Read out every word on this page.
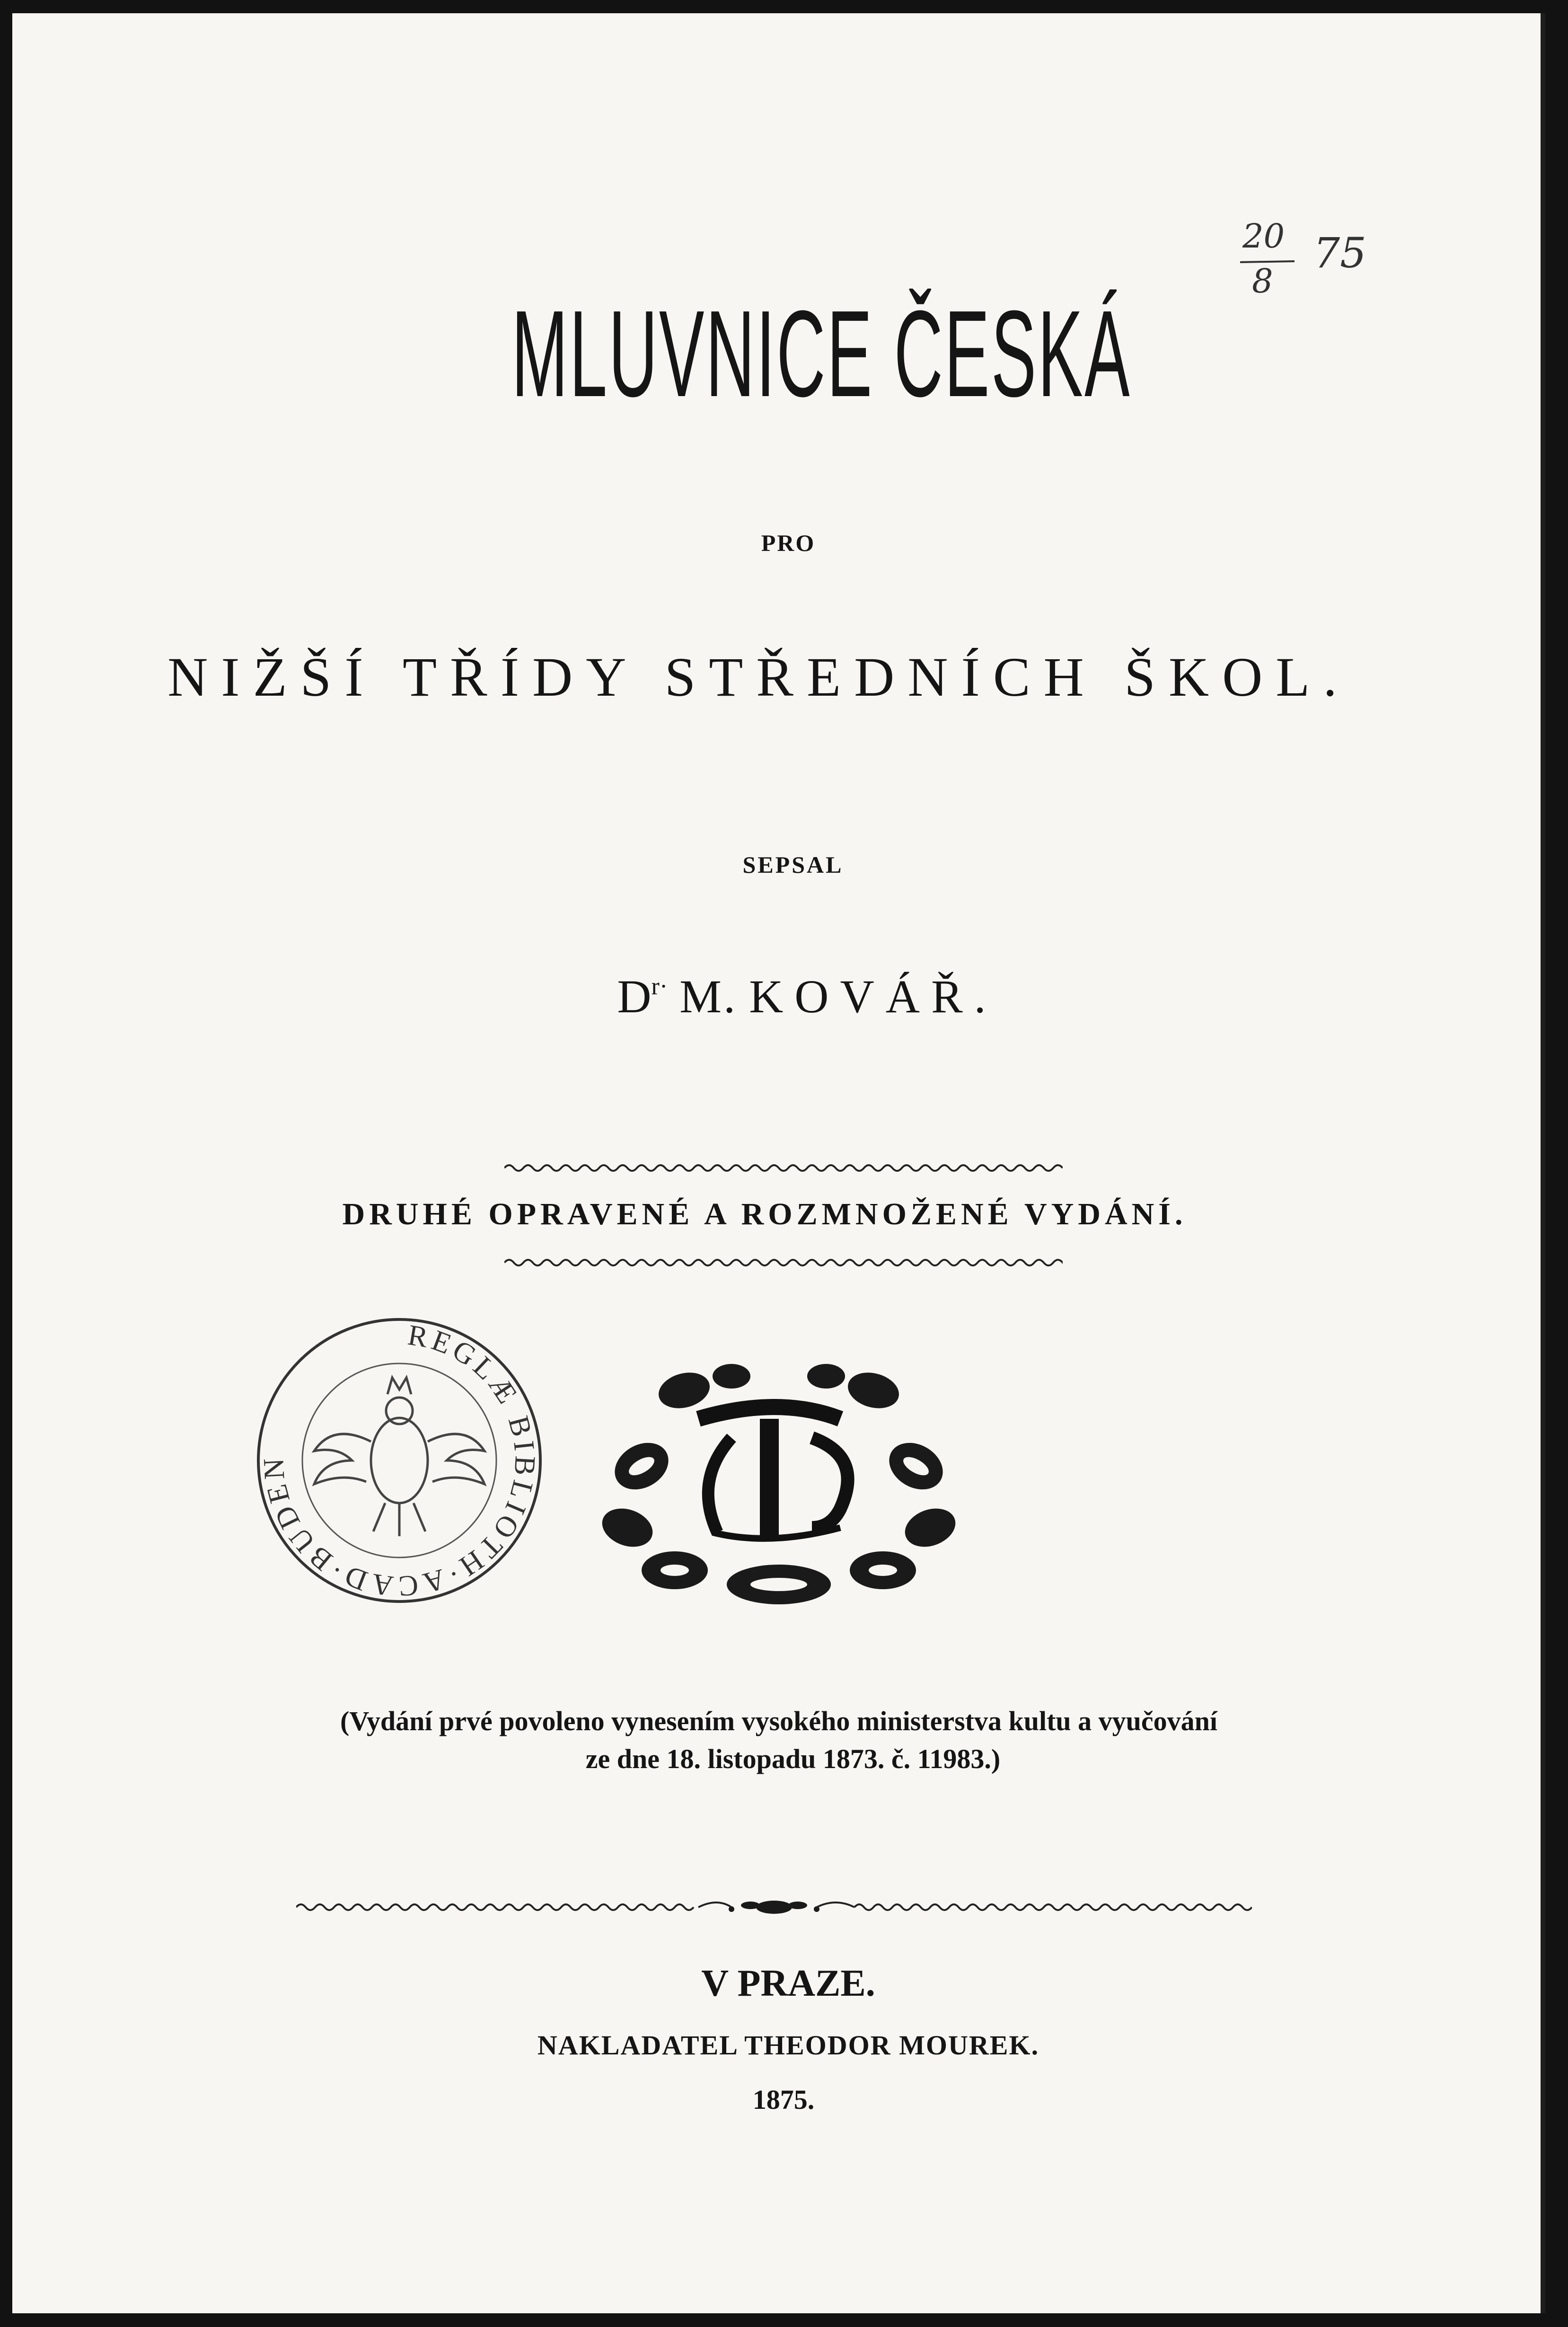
20
8
75
MLUVNICE ČESKÁ
PRO
NIŽŠÍ TŘÍDY STŘEDNÍCH ŠKOL.
SEPSAL
$D^{r\cdot}$ M. KOVÁŘ.
DRUHÉ OPRAVENÉ A ROZMNOŽENÉ VYDÁNÍ.
REGLÆ BIBLIOTH·ACAD·BUDEN
(Vydání prvé povoleno vynesením vysokého ministerstva kultu a vyučování
ze dne 18. listopadu 1873. č. 11983.)
V PRAZE.
NAKLADATEL THEODOR MOUREK.
1875.
